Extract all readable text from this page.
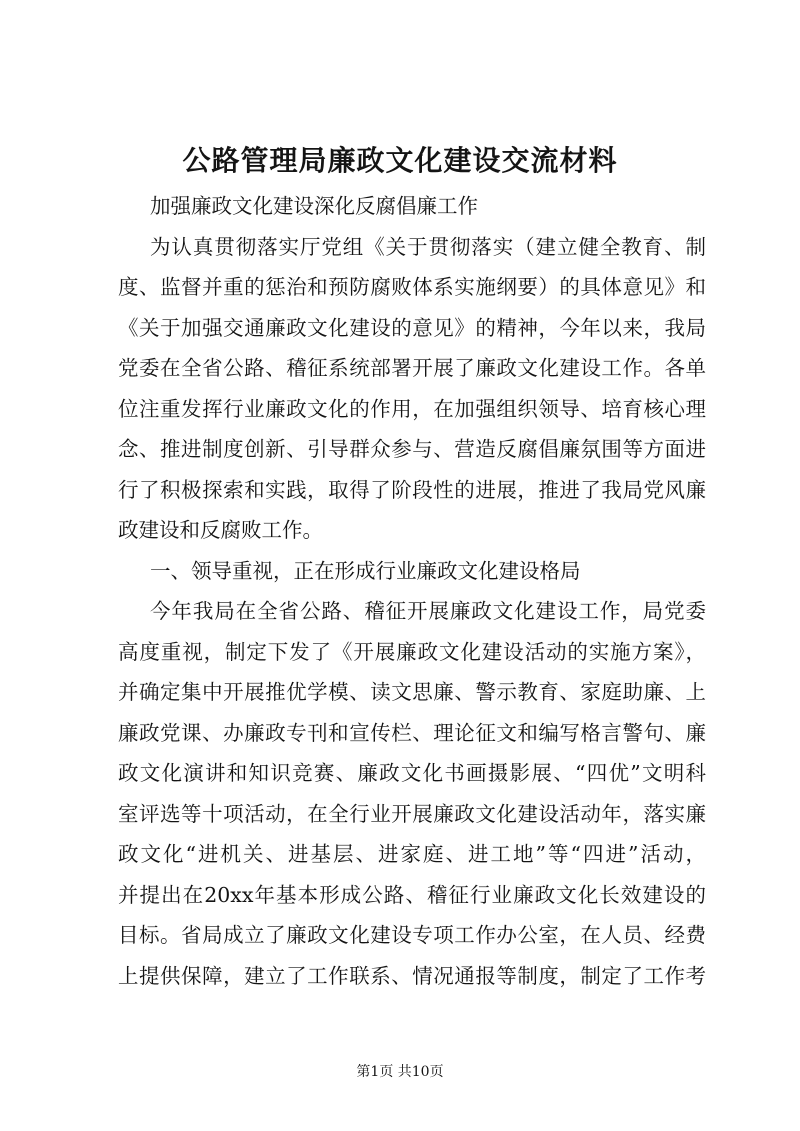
公路管理局廉政文化建设交流材料
加强廉政文化建设深化反腐倡廉工作
为认真贯彻落实厅党组《关于贯彻落实（建立健全教育、制
度、监督并重的惩治和预防腐败体系实施纲要）的具体意见》和
《关于加强交通廉政文化建设的意见》的精神，今年以来，我局
党委在全省公路、稽征系统部署开展了廉政文化建设工作。各单
位注重发挥行业廉政文化的作用，在加强组织领导、培育核心理
念、推进制度创新、引导群众参与、营造反腐倡廉氛围等方面进
行了积极探索和实践，取得了阶段性的进展，推进了我局党风廉
政建设和反腐败工作。
一、领导重视，正在形成行业廉政文化建设格局
今年我局在全省公路、稽征开展廉政文化建设工作，局党委
高度重视，制定下发了《开展廉政文化建设活动的实施方案》，
并确定集中开展推优学模、读文思廉、警示教育、家庭助廉、上
廉政党课、办廉政专刊和宣传栏、理论征文和编写格言警句、廉
政文化演讲和知识竞赛、廉政文化书画摄影展、“四优”文明科
室评选等十项活动，在全行业开展廉政文化建设活动年，落实廉
政文化“进机关、进基层、进家庭、进工地”等“四进”活动，
并提出在20xx年基本形成公路、稽征行业廉政文化长效建设的
目标。省局成立了廉政文化建设专项工作办公室，在人员、经费
上提供保障，建立了工作联系、情况通报等制度，制定了工作考
第1页 共10页
